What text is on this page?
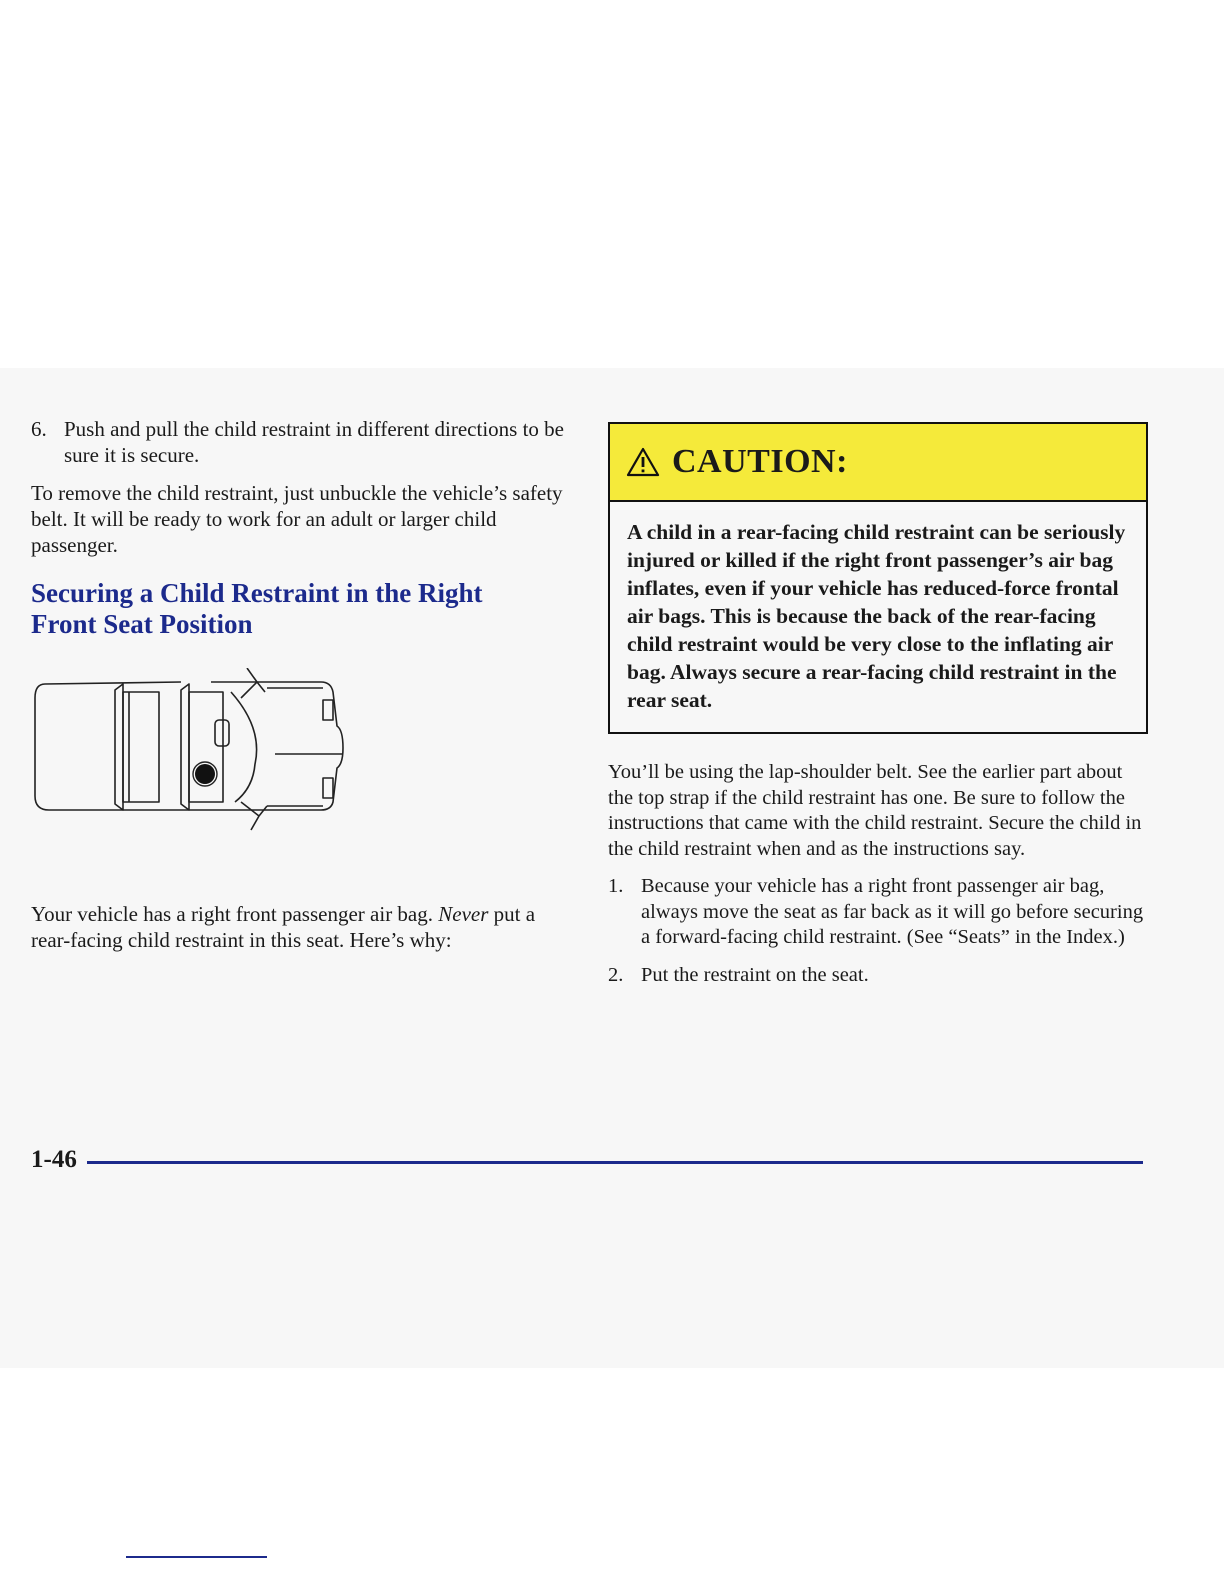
6. Push and pull the child restraint in different directions to be sure it is secure.

To remove the child restraint, just unbuckle the vehicle’s safety belt. It will be ready to work for an adult or larger child passenger.

Securing a Child Restraint in the Right
Front Seat Position
Your vehicle has a right front passenger air bag. Never put a rear-facing child restraint in this seat. Here’s why:
CAUTION:
A child in a rear-facing child restraint can be seriously injured or killed if the right front passenger’s air bag inflates, even if your vehicle has reduced-force frontal air bags. This is because the back of the rear-facing child restraint would be very close to the inflating air bag. Always secure a rear-facing child restraint in the rear seat.

You’ll be using the lap-shoulder belt. See the earlier part about the top strap if the child restraint has one. Be sure to follow the instructions that came with the child restraint. Secure the child in the child restraint when and as the instructions say.

1. Because your vehicle has a right front passenger air bag, always move the seat as far back as it will go before securing a forward-facing child restraint. (See “Seats” in the Index.)
2. Put the restraint on the seat.
1-46
